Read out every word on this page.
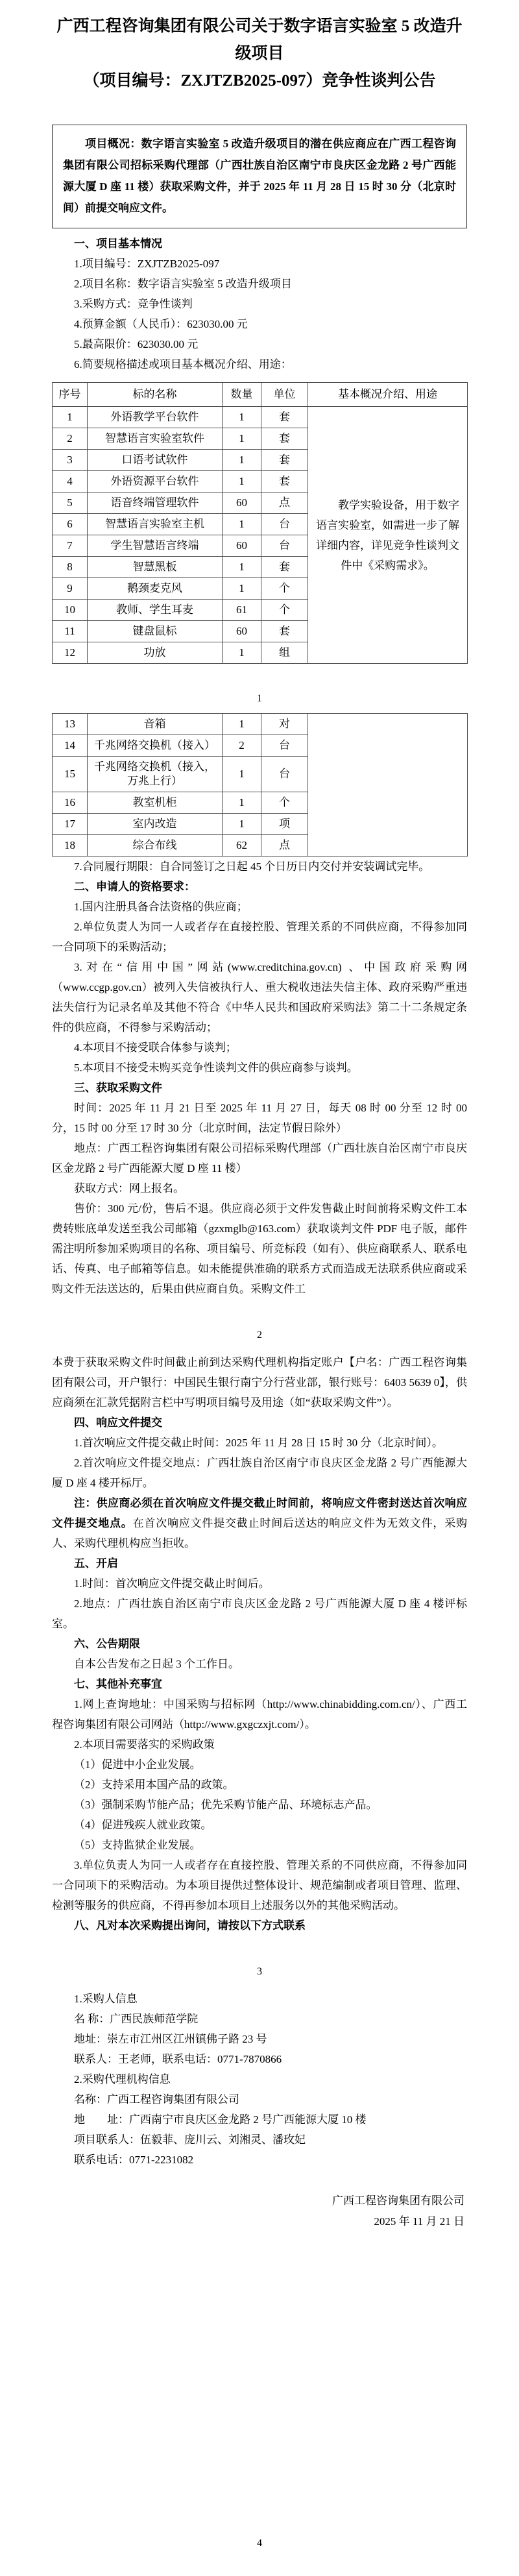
广西工程咨询集团有限公司关于数字语言实验室 5 改造升级项目
（项目编号：ZXJTZB2025-097）竞争性谈判公告

项目概况：数字语言实验室 5 改造升级项目的潜在供应商应在广西工程咨询集团有限公司招标采购代理部（广西壮族自治区南宁市良庆区金龙路 2 号广西能源大厦 D 座 11 楼）获取采购文件，并于 2025 年 11 月 28 日 15 时 30 分（北京时间）前提交响应文件。

一、项目基本情况

1.项目编号：ZXJTZB2025-097

2.项目名称：数字语言实验室 5 改造升级项目

3.采购方式：竞争性谈判

4.预算金额（人民币）：623030.00 元

5.最高限价：623030.00 元

6.简要规格描述或项目基本概况介绍、用途：

序号	标的名称	数量	单位	基本概况介绍、用途
1	外语教学平台软件	1	套	教学实验设备，用于数字语言实验室，如需进一步了解详细内容，详见竞争性谈判文件中《采购需求》。

2	智慧语言实验室软件	1	套	
3	口语考试软件	1	套	
4	外语资源平台软件	1	套	
5	语音终端管理软件	60	点	
6	智慧语言实验室主机	1	台	
7	学生智慧语言终端	60	台	
8	智慧黑板	1	套	
9	鹅颈麦克风	1	个	
10	教师、学生耳麦	61	个	
11	键盘鼠标	60	套	
12	功放	1	组	
1
13	音箱	1	对	
14	千兆网络交换机（接入）	2	台	
15	千兆网络交换机（接入，万兆上行）	1	台	
16	教室机柜	1	个	
17	室内改造	1	项	
18	综合布线	62	点	

7.合同履行期限：自合同签订之日起 45 个日历日内交付并安装调试完毕。

二、申请人的资格要求：

1.国内注册具备合法资格的供应商；

2.单位负责人为同一人或者存在直接控股、管理关系的不同供应商，不得参加同一合同项下的采购活动；

3.对在“信用中国”网站(www.creditchina.gov.cn) 、中国政府采购网（www.ccgp.gov.cn）被列入失信被执行人、重大税收违法失信主体、政府采购严重违法失信行为记录名单及其他不符合《中华人民共和国政府采购法》第二十二条规定条件的供应商，不得参与采购活动；

4.本项目不接受联合体参与谈判；

5.本项目不接受未购买竞争性谈判文件的供应商参与谈判。

三、获取采购文件

时间：2025 年 11 月 21 日至 2025 年 11 月 27 日，每天 08 时 00 分至 12 时 00 分，15 时 00 分至 17 时 30 分（北京时间，法定节假日除外）

地点：广西工程咨询集团有限公司招标采购代理部（广西壮族自治区南宁市良庆区金龙路 2 号广西能源大厦 D 座 11 楼）

获取方式：网上报名。

售价：300 元/份，售后不退。供应商必须于文件发售截止时间前将采购文件工本费转账底单发送至我公司邮箱（gzxmglb@163.com）获取谈判文件 PDF 电子版，邮件需注明所参加采购项目的名称、项目编号、所竞标段（如有）、供应商联系人、联系电话、传真、电子邮箱等信息。如未能提供准确的联系方式而造成无法联系供应商或采购文件无法送达的，后果由供应商自负。采购文件工

2

本费于获取采购文件时间截止前到达采购代理机构指定账户【户名：广西工程咨询集团有限公司，开户银行：中国民生银行南宁分行营业部，银行账号：6403 5639 0】，供应商须在汇款凭据附言栏中写明项目编号及用途（如“获取采购文件”）。

四、响应文件提交

1.首次响应文件提交截止时间：2025 年 11 月 28 日 15 时 30 分（北京时间）。

2.首次响应文件提交地点：广西壮族自治区南宁市良庆区金龙路 2 号广西能源大厦 D 座 4 楼开标厅。

注：供应商必须在首次响应文件提交截止时间前，将响应文件密封送达首次响应文件提交地点。在首次响应文件提交截止时间后送达的响应文件为无效文件，采购人、采购代理机构应当拒收。

五、开启

1.时间：首次响应文件提交截止时间后。

2.地点：广西壮族自治区南宁市良庆区金龙路 2 号广西能源大厦 D 座 4 楼评标室。

六、公告期限

自本公告发布之日起 3 个工作日。

七、其他补充事宜

1.网上查询地址：中国采购与招标网（http://www.chinabidding.com.cn/）、广西工程咨询集团有限公司网站（http://www.gxgczxjt.com/）。

2.本项目需要落实的采购政策

（1）促进中小企业发展。

（2）支持采用本国产品的政策。

（3）强制采购节能产品；优先采购节能产品、环境标志产品。

（4）促进残疾人就业政策。

（5）支持监狱企业发展。

3.单位负责人为同一人或者存在直接控股、管理关系的不同供应商，不得参加同一合同项下的采购活动。为本项目提供过整体设计、规范编制或者项目管理、监理、检测等服务的供应商，不得再参加本项目上述服务以外的其他采购活动。

八、凡对本次采购提出询问，请按以下方式联系

3

1.采购人信息

名 称：广西民族师范学院

地址：崇左市江州区江州镇佛子路 23 号

联系人：王老师，联系电话：0771-7870866

2.采购代理机构信息

名称：广西工程咨询集团有限公司

地　　址：广西南宁市良庆区金龙路 2 号广西能源大厦 10 楼

项目联系人：伍毅菲、庞川云、刘湘灵、潘玫妃

联系电话：0771-2231082

广西工程咨询集团有限公司
2025 年 11 月 21 日
4
